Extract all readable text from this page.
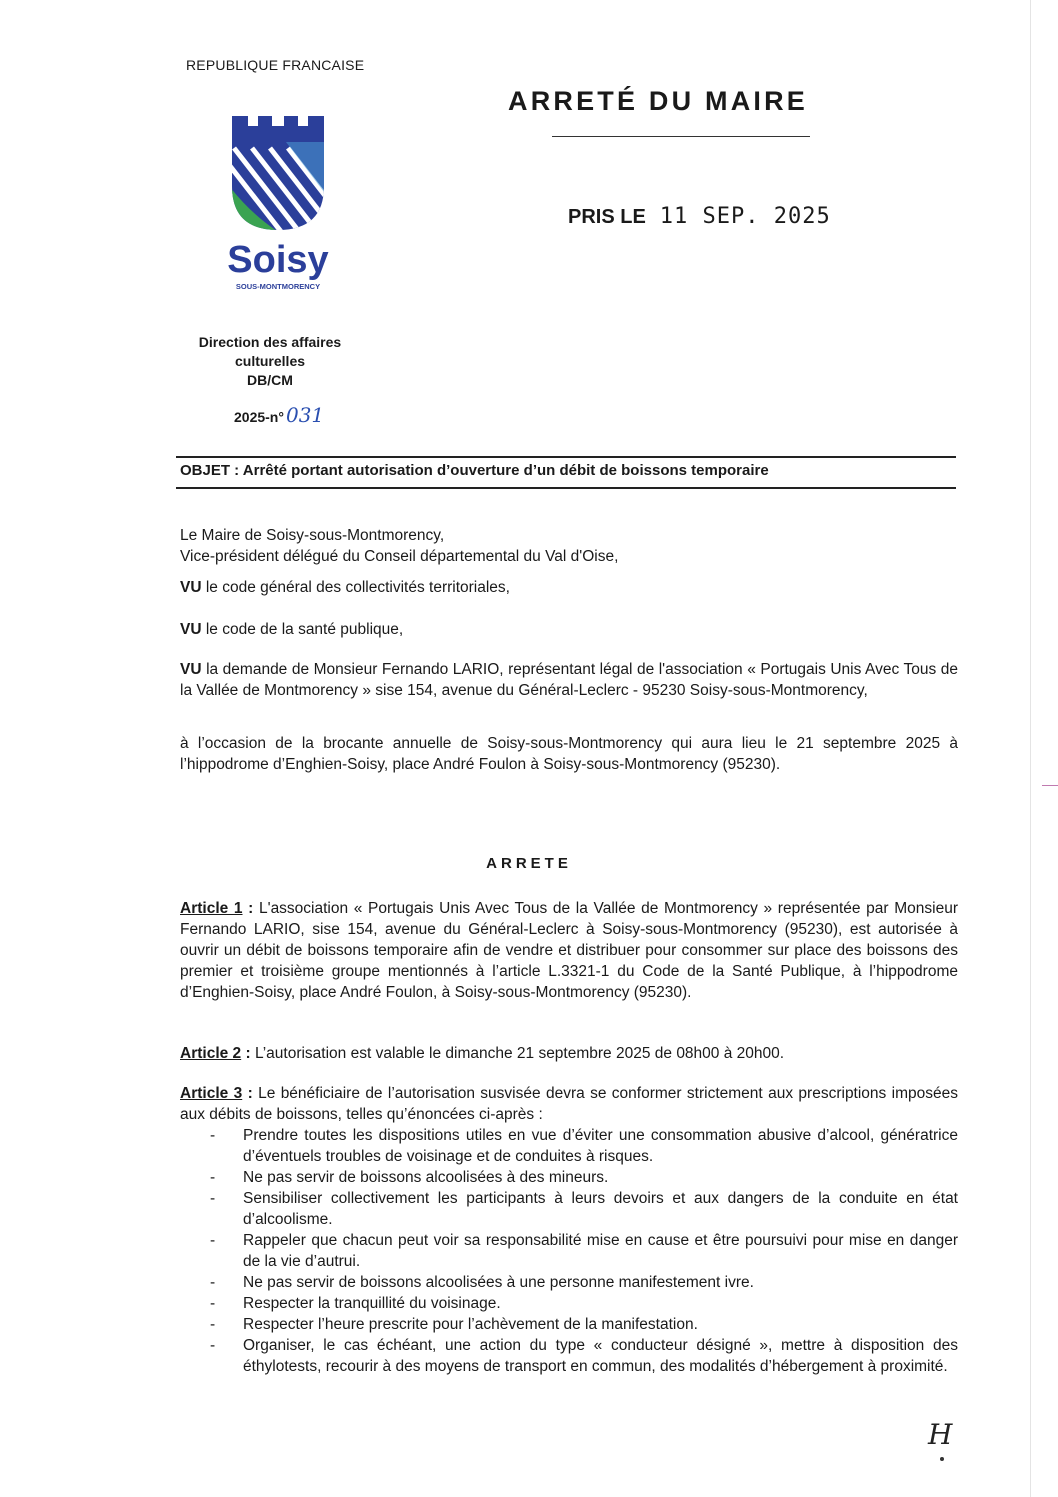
REPUBLIQUE FRANCAISE
Soisy
SOUS-MONTMORENCY
ARRETÉ DU MAIRE
PRIS LE 11 SEP. 2025
Direction des affaires
culturelles
DB/CM
2025-n° 031
OBJET : Arrêté portant autorisation d’ouverture d’un débit de boissons temporaire
Le Maire de Soisy-sous-Montmorency,
Vice-président délégué du Conseil départemental du Val d'Oise,
VU le code général des collectivités territoriales,
VU le code de la santé publique,
VU la demande de Monsieur Fernando LARIO, représentant légal de l'association « Portugais Unis Avec Tous de la Vallée de Montmorency » sise 154, avenue du Général-Leclerc - 95230 Soisy-sous-Montmorency,
à l’occasion de la brocante annuelle de Soisy-sous-Montmorency qui aura lieu le 21 septembre 2025 à l’hippodrome d’Enghien-Soisy, place André Foulon à Soisy-sous-Montmorency (95230).
ARRETE
Article 1 : L'association « Portugais Unis Avec Tous de la Vallée de Montmorency » représentée par Monsieur Fernando LARIO, sise 154, avenue du Général-Leclerc à Soisy-sous-Montmorency (95230), est autorisée à ouvrir un débit de boissons temporaire afin de vendre et distribuer pour consommer sur place des boissons des premier et troisième groupe mentionnés à l’article L.3321-1 du Code de la Santé Publique, à l’hippodrome d’Enghien-Soisy, place André Foulon, à Soisy-sous-Montmorency (95230).
Article 2 : L’autorisation est valable le dimanche 21 septembre 2025 de 08h00 à 20h00.
Article 3 : Le bénéficiaire de l’autorisation susvisée devra se conformer strictement aux prescriptions imposées aux débits de boissons, telles qu’énoncées ci-après :
- Prendre toutes les dispositions utiles en vue d’éviter une consommation abusive d’alcool, génératrice d’éventuels troubles de voisinage et de conduites à risques.
- Ne pas servir de boissons alcoolisées à des mineurs.
- Sensibiliser collectivement les participants à leurs devoirs et aux dangers de la conduite en état d’alcoolisme.
- Rappeler que chacun peut voir sa responsabilité mise en cause et être poursuivi pour mise en danger de la vie d’autrui.
- Ne pas servir de boissons alcoolisées à une personne manifestement ivre.
- Respecter la tranquillité du voisinage.
- Respecter l’heure prescrite pour l’achèvement de la manifestation.
- Organiser, le cas échéant, une action du type « conducteur désigné », mettre à disposition des éthylotests, recourir à des moyens de transport en commun, des modalités d’hébergement à proximité.
H
